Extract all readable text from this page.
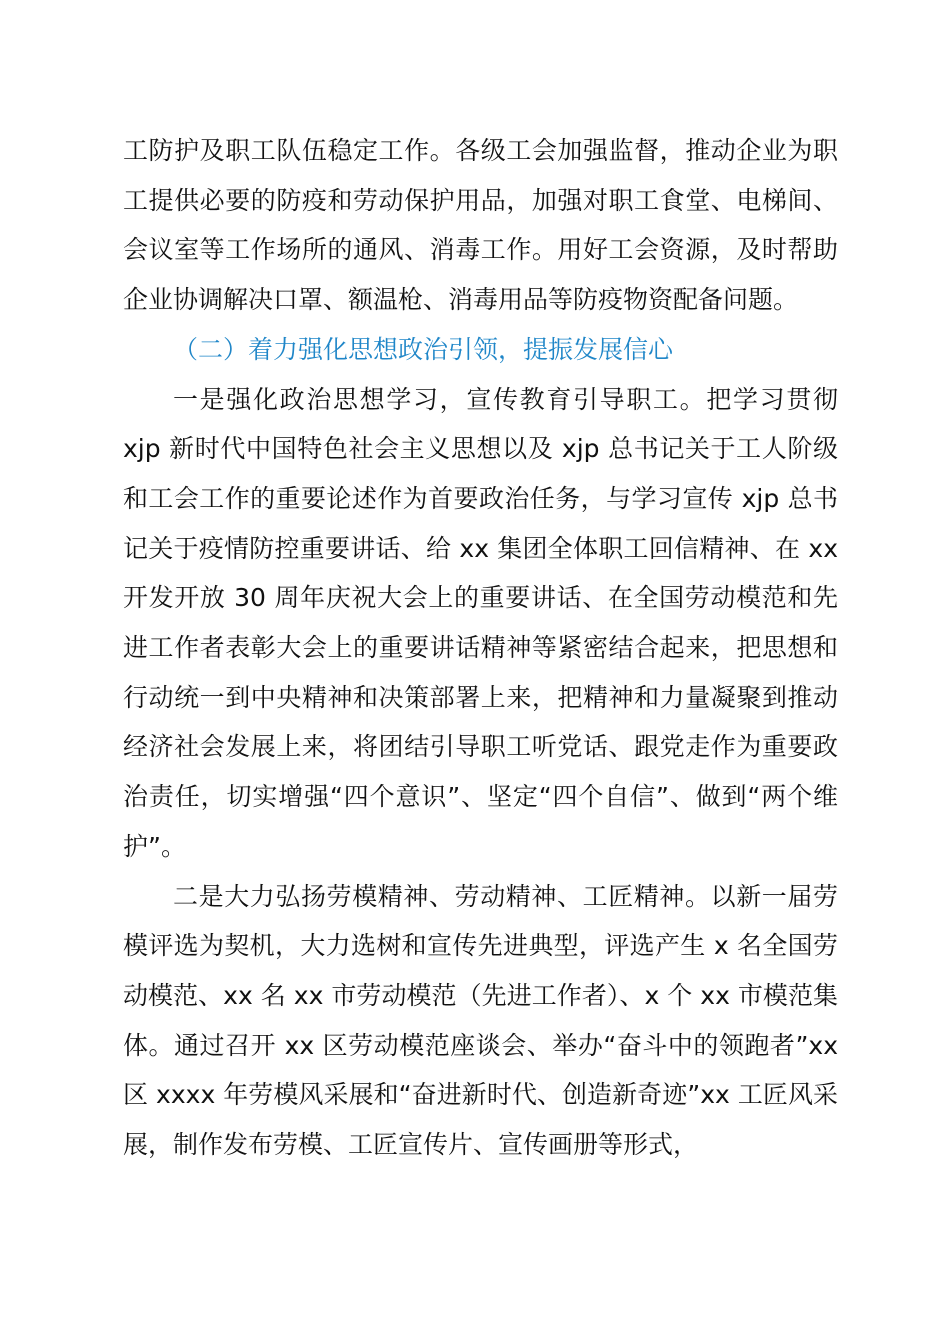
工防护及职工队伍稳定工作。各级工会加强监督，推动企业为职工提供必要的防疫和劳动保护用品，加强对职工食堂、电梯间、会议室等工作场所的通风、消毒工作。用好工会资源，及时帮助企业协调解决口罩、额温枪、消毒用品等防疫物资配备问题。

（二）着力强化思想政治引领，提振发展信心

一是强化政治思想学习，宣传教育引导职工。把学习贯彻 xjp 新时代中国特色社会主义思想以及 xjp 总书记关于工人阶级和工会工作的重要论述作为首要政治任务，与学习宣传 xjp 总书记关于疫情防控重要讲话、给 xx 集团全体职工回信精神、在 xx 开发开放 30 周年庆祝大会上的重要讲话、在全国劳动模范和先进工作者表彰大会上的重要讲话精神等紧密结合起来，把思想和行动统一到中央精神和决策部署上来，把精神和力量凝聚到推动经济社会发展上来，将团结引导职工听党话、跟党走作为重要政治责任，切实增强“四个意识”、坚定“四个自信”、做到“两个维护”。

二是大力弘扬劳模精神、劳动精神、工匠精神。以新一届劳模评选为契机，大力选树和宣传先进典型，评选产生 x 名全国劳动模范、xx 名 xx 市劳动模范（先进工作者）、x 个 xx 市模范集体。通过召开 xx 区劳动模范座谈会、举办“奋斗中的领跑者”xx 区 xxxx 年劳模风采展和“奋进新时代、创造新奇迹”xx 工匠风采展，制作发布劳模、工匠宣传片、宣传画册等形式，
